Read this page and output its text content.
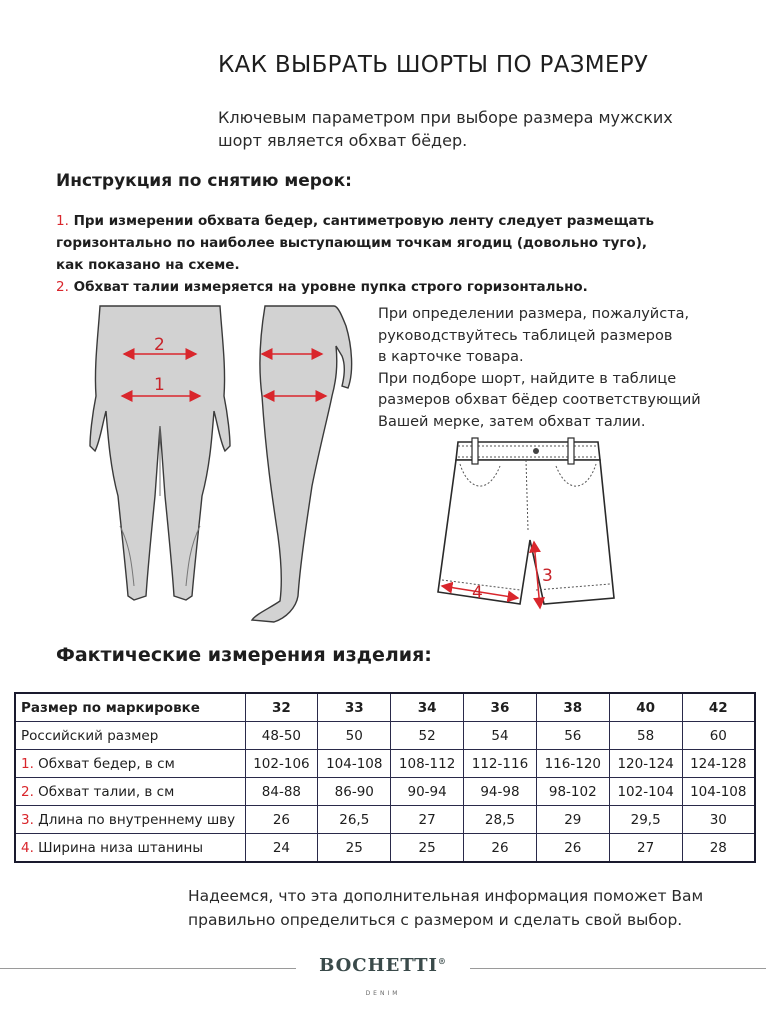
КАК ВЫБРАТЬ ШОРТЫ ПО РАЗМЕРУ
Ключевым параметром при выборе размера мужских
шорт является обхват бёдер.
Инструкция по снятию мерок:
1. При измерении обхвата бедер, сантиметровую ленту следует размещать
горизонтально по наиболее выступающим точкам ягодиц (довольно туго),
как показано на схеме.
2. Обхват талии измеряется на уровне пупка строго горизонтально.
При определении размера, пожалуйста,
руководствуйтесь таблицей размеров
в карточке товара.
При подборе шорт, найдите в таблице
размеров обхват бёдер соответствующий
Вашей мерке, затем обхват талии.
2
1
4
3
Фактические измерения изделия:
Размер по маркировке	32	33	34	36	38	40	42
Российский размер	48-50	50	52	54	56	58	60
1. Обхват бедер, в см	102-106	104-108	108-112	112-116	116-120	120-124	124-128
2. Обхват талии, в см	84-88	86-90	90-94	94-98	98-102	102-104	104-108
3. Длина по внутреннему шву	26	26,5	27	28,5	29	29,5	30
4. Ширина низа штанины	24	25	25	26	26	27	28
Надеемся, что эта дополнительная информация поможет Вам
правильно определиться с размером и сделать свой выбор.
BOCHETTI®
DENIM
